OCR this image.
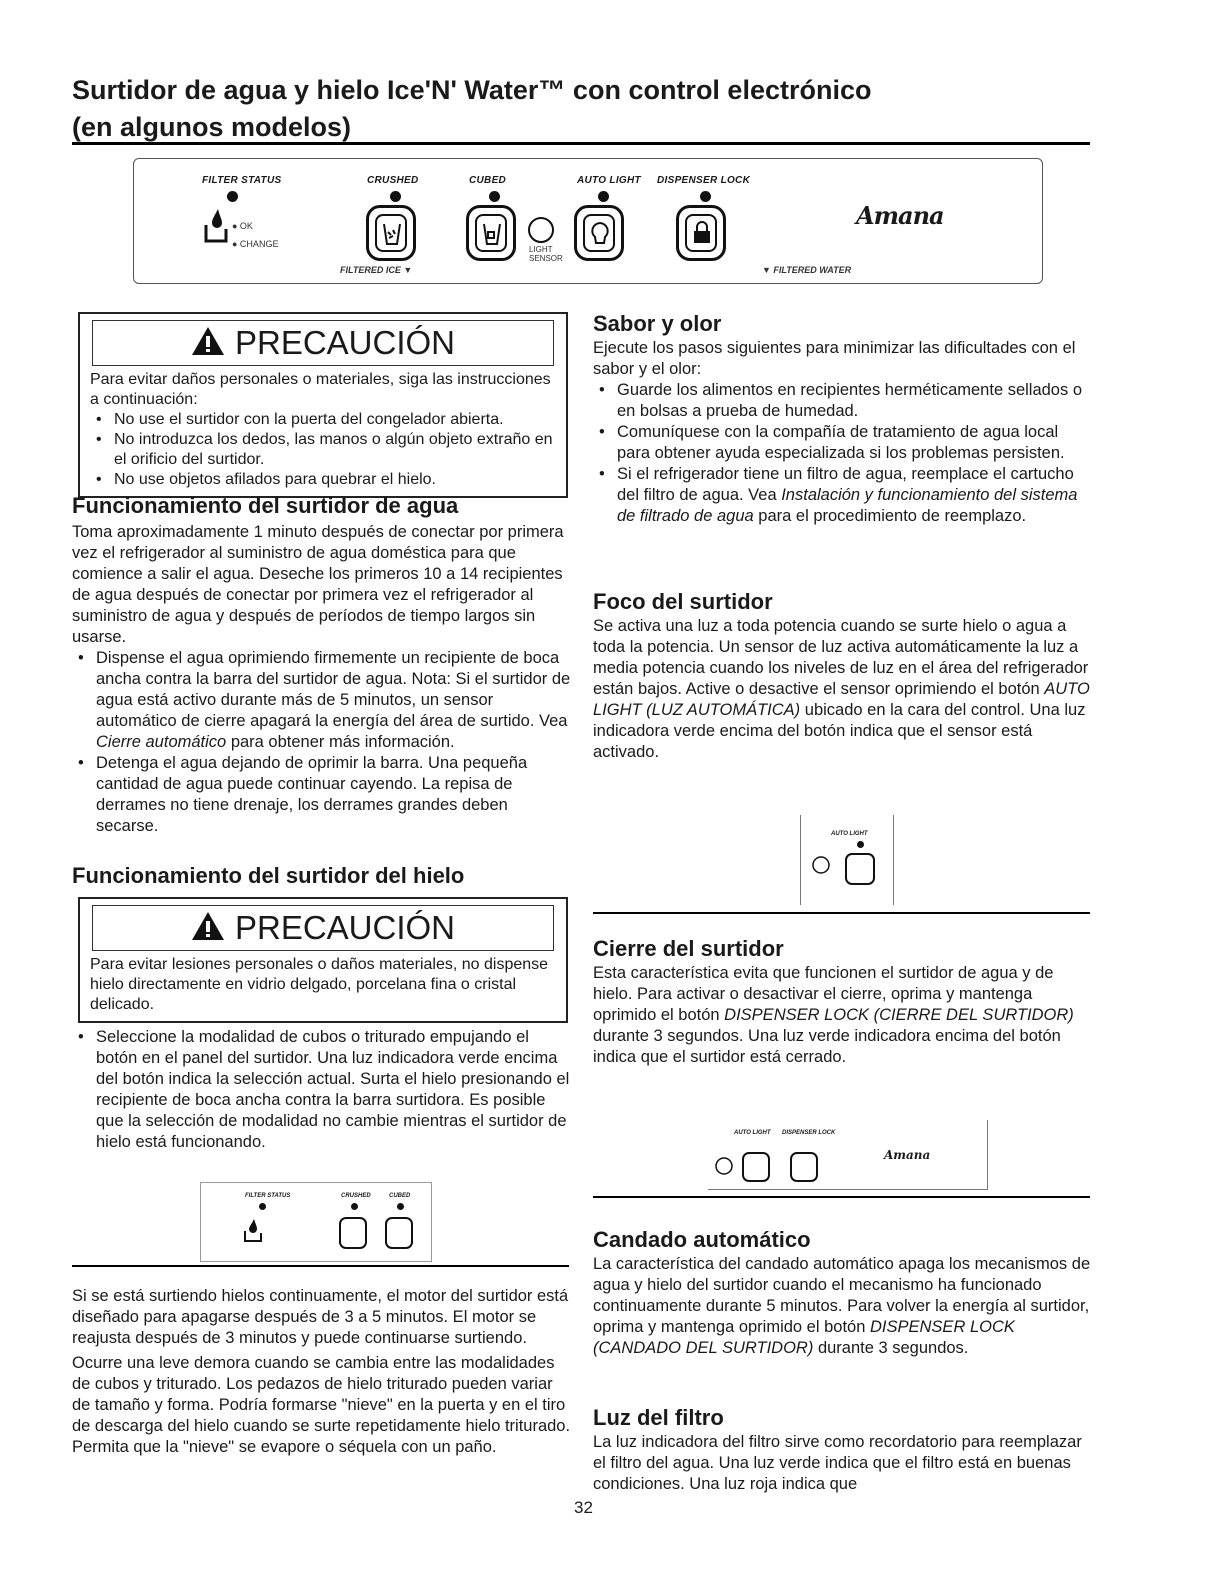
Surtidor de agua y hielo Ice'N' Water™ con control electrónico
(en algunos modelos)
FILTER STATUS
● OK
● CHANGE
CRUSHED	CUBED
LIGHT SENSOR
AUTO LIGHT DISPENSER LOCK
FILTERED ICE ▼	▼ FILTERED WATER
Amana
PRECAUCIÓN

Para evitar daños personales o materiales, siga las instrucciones a continuación:

• No use el surtidor con la puerta del congelador abierta.

• No introduzca los dedos, las manos o algún objeto extraño en el orificio del surtidor.

• No use objetos afilados para quebrar el hielo.

Funcionamiento del surtidor de agua

Toma aproximadamente 1 minuto después de conectar por primera vez el refrigerador al suministro de agua doméstica para que comience a salir el agua. Deseche los primeros 10 a 14 recipientes de agua después de conectar por primera vez el refrigerador al suministro de agua y después de períodos de tiempo largos sin usarse.

• Dispense el agua oprimiendo firmemente un recipiente de boca ancha contra la barra del surtidor de agua. Nota: Si el surtidor de agua está activo durante más de 5 minutos, un sensor automático de cierre apagará la energía del área de surtido. Vea Cierre automático para obtener más información.

• Detenga el agua dejando de oprimir la barra. Una pequeña cantidad de agua puede continuar cayendo. La repisa de derrames no tiene drenaje, los derrames grandes deben secarse.

Funcionamiento del surtidor del hielo
PRECAUCIÓN

Para evitar lesiones personales o daños materiales, no dispense hielo directamente en vidrio delgado, porcelana fina o cristal delicado.

• Seleccione la modalidad de cubos o triturado empujando el botón en el panel del surtidor. Una luz indicadora verde encima del botón indica la selección actual. Surta el hielo presionando el recipiente de boca ancha contra la barra surtidora. Es posible que la selección de modalidad no cambie mientras el surtidor de hielo está funcionando.

FILTER STATUS	CRUSHED	CUBED

Si se está surtiendo hielos continuamente, el motor del surtidor está diseñado para apagarse después de 3 a 5 minutos. El motor se reajusta después de 3 minutos y puede continuarse surtiendo.

Ocurre una leve demora cuando se cambia entre las modalidades de cubos y triturado. Los pedazos de hielo triturado pueden variar de tamaño y forma. Podría formarse "nieve" en la puerta y en el tiro de descarga del hielo cuando se surte repetidamente hielo triturado. Permita que la "nieve" se evapore o séquela con un paño.

Sabor y olor

Ejecute los pasos siguientes para minimizar las dificultades con el sabor y el olor:

• Guarde los alimentos en recipientes herméticamente sellados o en bolsas a prueba de humedad.

• Comuníquese con la compañía de tratamiento de agua local para obtener ayuda especializada si los problemas persisten.

• Si el refrigerador tiene un filtro de agua, reemplace el cartucho del filtro de agua. Vea Instalación y funcionamiento del sistema de filtrado de agua para el procedimiento de reemplazo.

Foco del surtidor

Se activa una luz a toda potencia cuando se surte hielo o agua a toda la potencia. Un sensor de luz activa automáticamente la luz a media potencia cuando los niveles de luz en el área del refrigerador están bajos. Active o desactive el sensor oprimiendo el botón AUTO LIGHT (LUZ AUTOMÁTICA) ubicado en la cara del control. Una luz indicadora verde encima del botón indica que el sensor está activado.

AUTO LIGHT
Cierre del surtidor

Esta característica evita que funcionen el surtidor de agua y de hielo. Para activar o desactivar el cierre, oprima y mantenga oprimido el botón DISPENSER LOCK (CIERRE DEL SURTIDOR) durante 3 segundos. Una luz verde indicadora encima del botón indica que el surtidor está cerrado.

AUTO LIGHT DISPENSER LOCK
Amana
Candado automático

La característica del candado automático apaga los mecanismos de agua y hielo del surtidor cuando el mecanismo ha funcionado continuamente durante 5 minutos. Para volver la energía al surtidor, oprima y mantenga oprimido el botón DISPENSER LOCK (CANDADO DEL SURTIDOR) durante 3 segundos.

Luz del filtro

La luz indicadora del filtro sirve como recordatorio para reemplazar el filtro del agua. Una luz verde indica que el filtro está en buenas condiciones. Una luz roja indica que

32
